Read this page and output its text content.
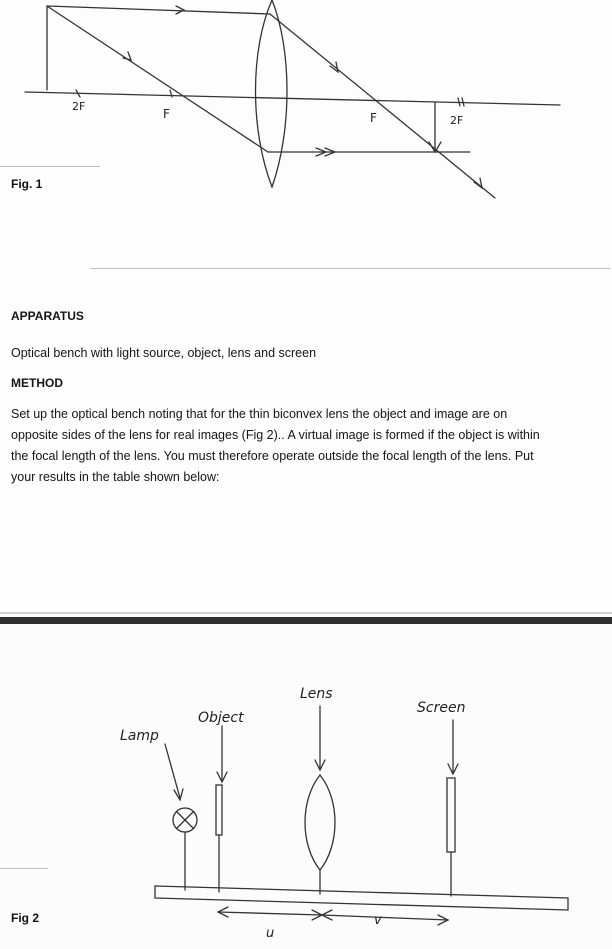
2F
F	F	2F
Fig. 1
APPARATUS
Optical bench with light source, object, lens and screen
METHOD
Set up the optical bench noting that for the thin biconvex lens the object and image are on
opposite sides of the lens for real images (Fig 2).. A virtual image is formed if the object is within
the focal length of the lens. You must therefore operate outside the focal length of the lens. Put
your results in the table shown below:
Lamp
Object
Lens
Screen
u
v
Fig 2
